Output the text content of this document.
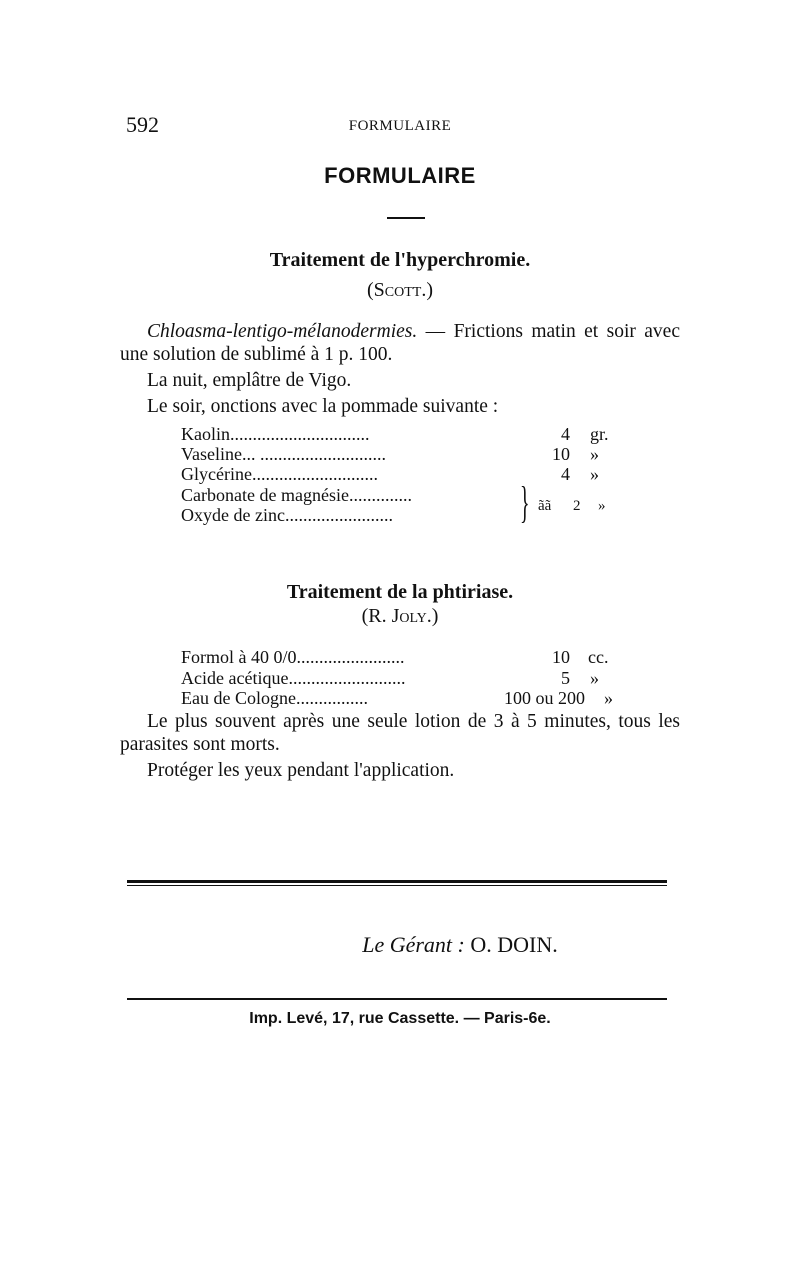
592	FORMULAIRE
FORMULAIRE
Traitement de l'hyperchromie.
(Scott.)
Chloasma-lentigo-mélanodermies. — Frictions matin et soir avec une solution de sublimé à 1 p. 100.
La nuit, emplâtre de Vigo.
Le soir, onctions avec la pommade suivante :
Kaolin...............................	4 gr.
Vaseline... ............................	10 »
Glycérine............................	4 »
Carbonate de magnésie..............
Oxyde de zinc........................	} ãã 2 »
Traitement de la phtiriase.
(R. Joly.)
Formol à 40 0/0........................	10 cc.
Acide acétique..........................	5 »
Eau de Cologne................	100 ou 200 »
Le plus souvent après une seule lotion de 3 à 5 minutes, tous les parasites sont morts.
Protéger les yeux pendant l'application.
Le Gérant : O. DOIN.
Imp. Levé, 17, rue Cassette. — Paris-6e.
